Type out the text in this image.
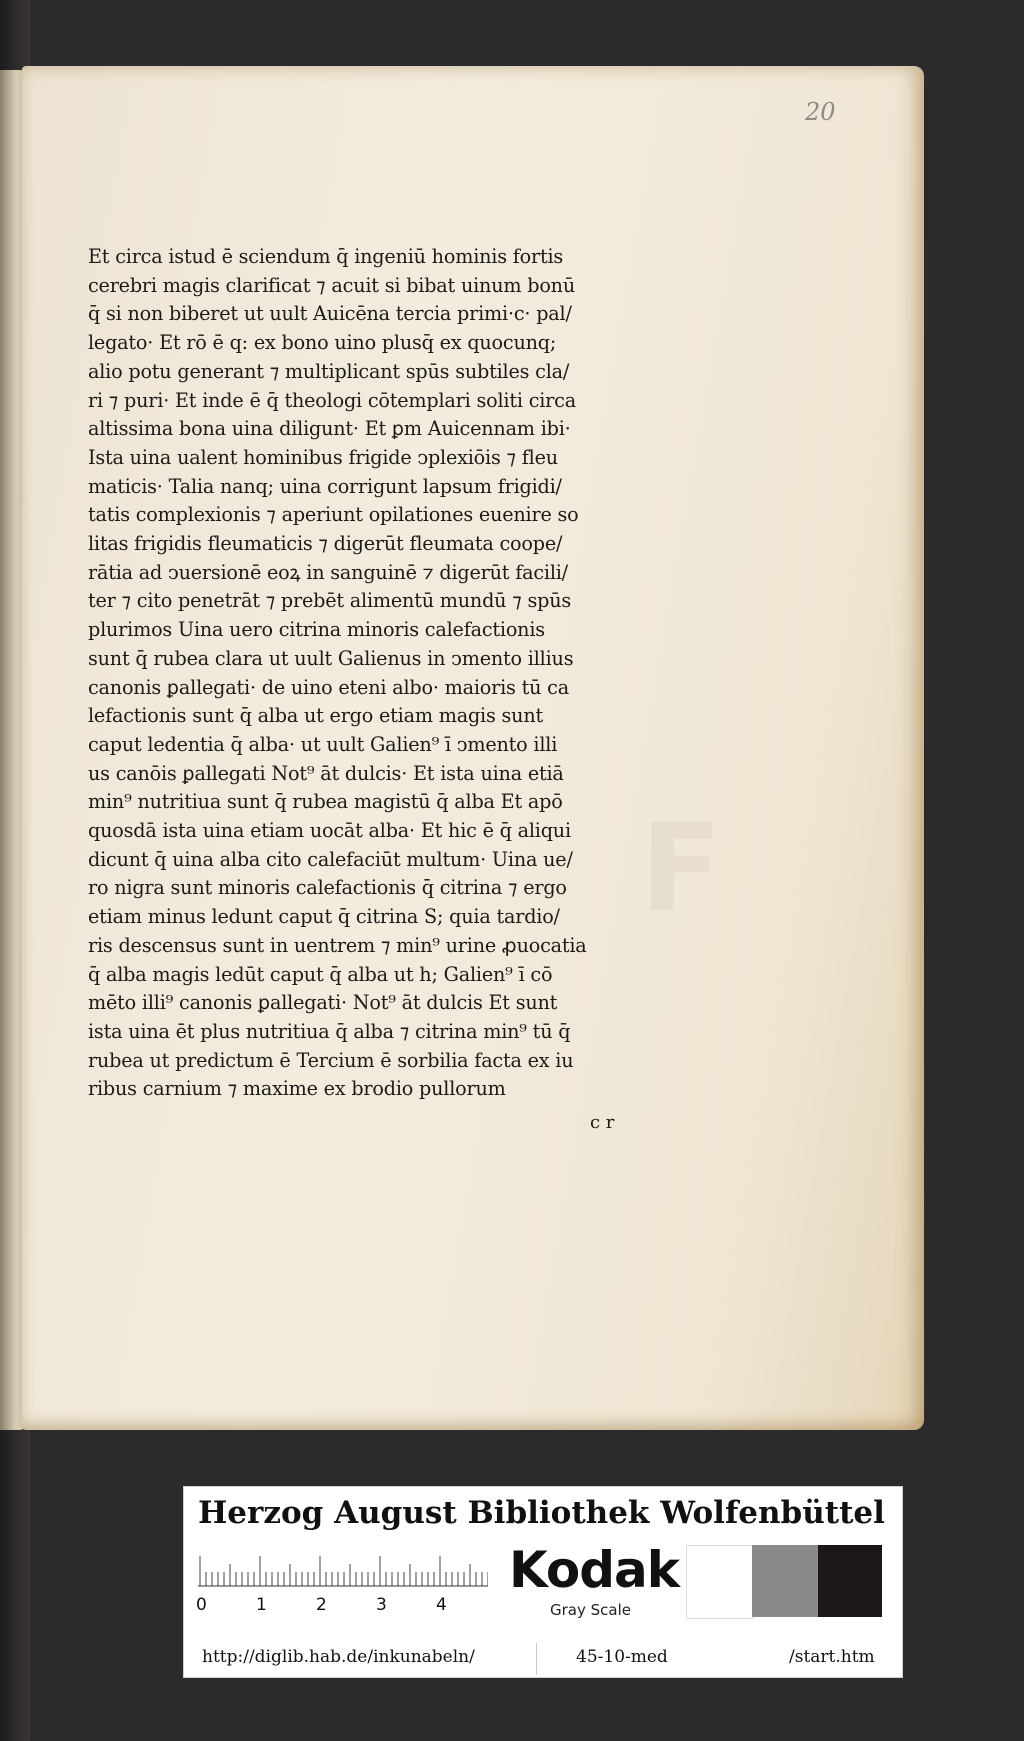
20
F
Et circa istud ē sciendum q̄ ingeniū hominis fortis
cerebri magis clarificat ⁊ acuit si bibat uinum bonū
q̄ si non biberet ut uult Auicēna tercia primi·c· pal/
legato· Et rō ē q: ex bono uino plusq̄ ex quocunq;
alio potu generant ⁊ multiplicant spūs subtiles cla/
ri ⁊ puri· Et inde ē q̄ theologi cōtemplari soliti circa
altissima bona uina diligunt· Et ꝑm Auicennam ibi·
Ista uina ualent hominibus frigide ↄplexiōis ⁊ fleu
maticis· Talia nanq; uina corrigunt lapsum frigidi/
tatis complexionis ⁊ aperiunt opilationes euenire so
litas frigidis fleumaticis ⁊ digerūt fleumata coope/
rātia ad ↄuersionē eoꝝ in sanguinē ⁊ digerūt facili/
ter ⁊ cito penetrāt ⁊ prebēt alimentū mundū ⁊ spūs
plurimos Uina uero citrina minoris calefactionis
sunt q̄ rubea clara ut uult Galienus in ↄmento illius
canonis ꝑallegati· de uino eteni albo· maioris tū ca
lefactionis sunt q̄ alba ut ergo etiam magis sunt
caput ledentia q̄ alba· ut uult Galien⁹ ī ↄmento illi
us canōis ꝑallegati Not⁹ āt dulcis· Et ista uina etiā
min⁹ nutritiua sunt q̄ rubea magistū q̄ alba Et apō
quosdā ista uina etiam uocāt alba· Et hic ē q̄ aliqui
dicunt q̄ uina alba cito calefaciūt multum· Uina ue/
ro nigra sunt minoris calefactionis q̄ citrina ⁊ ergo
etiam minus ledunt caput q̄ citrina S; quia tardio/
ris descensus sunt in uentrem ⁊ min⁹ urine ꝓuocatia
q̄ alba magis ledūt caput q̄ alba ut h; Galien⁹ ī cō
mēto illi⁹ canonis ꝑallegati· Not⁹ āt dulcis Et sunt
ista uina ēt plus nutritiua q̄ alba ⁊ citrina min⁹ tū q̄
rubea ut predictum ē Tercium ē sorbilia facta ex iu
ribus carnium ⁊ maxime ex brodio pullorum
c r
Herzog August Bibliothek Wolfenbüttel
0	1	2	3	4
Kodak
Gray Scale
http://diglib.hab.de/inkunabeln/	45-10-med	/start.htm
